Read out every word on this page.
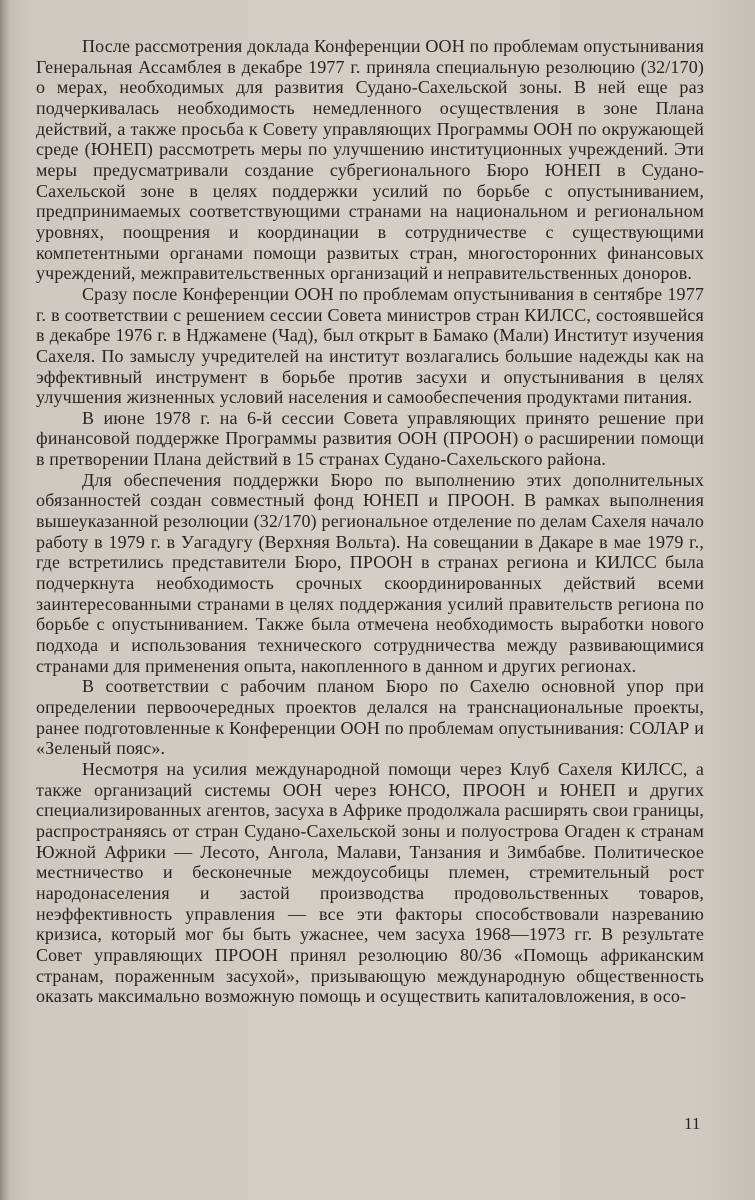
После рассмотрения доклада Конференции ООН по проблемам опустынивания Генеральная Ассамблея в декабре 1977 г. приняла специальную резолюцию (32/170) о мерах, необходимых для развития Судано-Сахельской зоны. В ней еще раз подчеркивалась необходимость немедленного осуществления в зоне Плана действий, а также просьба к Совету управляющих Программы ООН по окружающей среде (ЮНЕП) рассмотреть меры по улучшению институционных учреждений. Эти меры предусматривали создание субрегионального Бюро ЮНЕП в Судано-Сахельской зоне в целях поддержки усилий по борьбе с опустыниванием, предпринимаемых соответствующими странами на национальном и региональном уровнях, поощрения и координации в сотрудничестве с существующими компетентными органами помощи развитых стран, многосторонних финансовых учреждений, межправительственных организаций и неправительственных доноров.

Сразу после Конференции ООН по проблемам опустынивания в сентябре 1977 г. в соответствии с решением сессии Совета министров стран КИЛСС, состоявшейся в декабре 1976 г. в Нджамене (Чад), был открыт в Бамако (Мали) Институт изучения Сахеля. По замыслу учредителей на институт возлагались большие надежды как на эффективный инструмент в борьбе против засухи и опустынивания в целях улучшения жизненных условий населения и самообеспечения продуктами питания.

В июне 1978 г. на 6-й сессии Совета управляющих принято решение при финансовой поддержке Программы развития ООН (ПРООН) о расширении помощи в претворении Плана действий в 15 странах Судано-Сахельского района.

Для обеспечения поддержки Бюро по выполнению этих дополнительных обязанностей создан совместный фонд ЮНЕП и ПРООН. В рамках выполнения вышеуказанной резолюции (32/170) региональное отделение по делам Сахеля начало работу в 1979 г. в Уагадугу (Верхняя Вольта). На совещании в Дакаре в мае 1979 г., где встретились представители Бюро, ПРООН в странах региона и КИЛСС была подчеркнута необходимость срочных скоординированных действий всеми заинтересованными странами в целях поддержания усилий правительств региона по борьбе с опустыниванием. Также была отмечена необходимость выработки нового подхода и использования технического сотрудничества между развивающимися странами для применения опыта, накопленного в данном и других регионах.

В соответствии с рабочим планом Бюро по Сахелю основной упор при определении первоочередных проектов делался на транснациональные проекты, ранее подготовленные к Конференции ООН по проблемам опустынивания: СОЛАР и «Зеленый пояс».

Несмотря на усилия международной помощи через Клуб Сахеля КИЛСС, а также организаций системы ООН через ЮНСО, ПРООН и ЮНЕП и других специализированных агентов, засуха в Африке продолжала расширять свои границы, распространяясь от стран Судано-Сахельской зоны и полуострова Огаден к странам Южной Африки — Лесото, Ангола, Малави, Танзания и Зимбабве. Политическое местничество и бесконечные междоусобицы племен, стремительный рост народонаселения и застой производства продовольственных товаров, неэффективность управления — все эти факторы способствовали назреванию кризиса, который мог бы быть ужаснее, чем засуха 1968—1973 гг. В результате Совет управляющих ПРООН принял резолюцию 80/36 «Помощь африканским странам, пораженным засухой», призывающую международную общественность оказать максимально возможную помощь и осуществить капиталовложения, в осо-

11
